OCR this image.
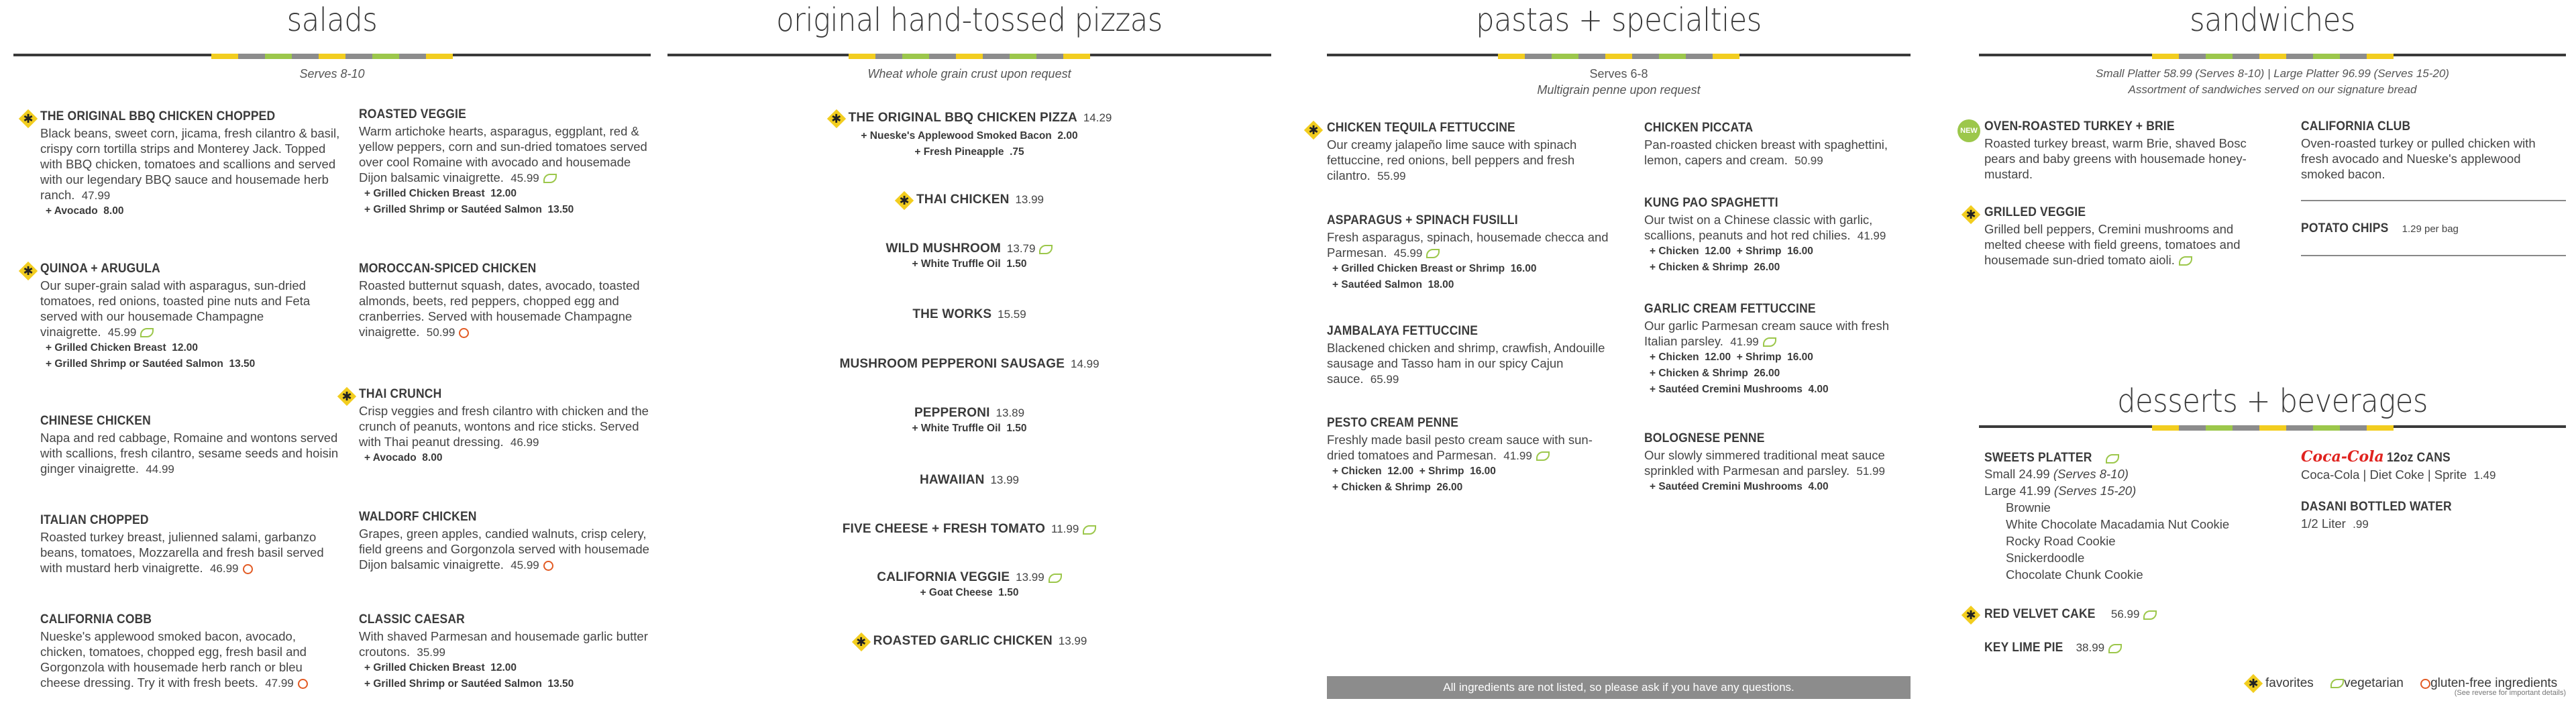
salads
Serves 8-10
✱ THE ORIGINAL BBQ CHICKEN CHOPPED
Black beans, sweet corn, jicama, fresh cilantro & basil, crispy corn tortilla strips and Monterey Jack. Topped with BBQ chicken, tomatoes and scallions and served with our legendary BBQ sauce and housemade herb ranch. 47.99
+ Avocado 8.00
✱ QUINOA + ARUGULA
Our super-grain salad with asparagus, sun-dried tomatoes, red onions, toasted pine nuts and Feta served with our housemade Champagne vinaigrette. 45.99
+ Grilled Chicken Breast 12.00
+ Grilled Shrimp or Sautéed Salmon 13.50
CHINESE CHICKEN
Napa and red cabbage, Romaine and wontons served with scallions, fresh cilantro, sesame seeds and hoisin ginger vinaigrette. 44.99
ITALIAN CHOPPED
Roasted turkey breast, julienned salami, garbanzo beans, tomatoes, Mozzarella and fresh basil served with mustard herb vinaigrette. 46.99
CALIFORNIA COBB
Nueske's applewood smoked bacon, avocado, chicken, tomatoes, chopped egg, fresh basil and Gorgonzola with housemade herb ranch or bleu cheese dressing. Try it with fresh beets. 47.99
ROASTED VEGGIE
Warm artichoke hearts, asparagus, eggplant, red & yellow peppers, corn and sun-dried tomatoes served over cool Romaine with avocado and housemade Dijon balsamic vinaigrette. 45.99
+ Grilled Chicken Breast 12.00
+ Grilled Shrimp or Sautéed Salmon 13.50
MOROCCAN-SPICED CHICKEN
Roasted butternut squash, dates, avocado, toasted almonds, beets, red peppers, chopped egg and cranberries. Served with housemade Champagne vinaigrette. 50.99
✱ THAI CRUNCH
Crisp veggies and fresh cilantro with chicken and the crunch of peanuts, wontons and rice sticks. Served with Thai peanut dressing. 46.99
+ Avocado 8.00
WALDORF CHICKEN
Grapes, green apples, candied walnuts, crisp celery, field greens and Gorgonzola served with housemade Dijon balsamic vinaigrette. 45.99
CLASSIC CAESAR
With shaved Parmesan and housemade garlic butter croutons. 35.99
+ Grilled Chicken Breast 12.00
+ Grilled Shrimp or Sautéed Salmon 13.50
original hand-tossed pizzas
Wheat whole grain crust upon request
✱ THE ORIGINAL BBQ CHICKEN PIZZA 14.29
+ Nueske's Applewood Smoked Bacon 2.00
+ Fresh Pineapple .75
✱ THAI CHICKEN 13.99
WILD MUSHROOM 13.79
+ White Truffle Oil 1.50
THE WORKS 15.59
MUSHROOM PEPPERONI SAUSAGE 14.99
PEPPERONI 13.89
+ White Truffle Oil 1.50
HAWAIIAN 13.99
FIVE CHEESE + FRESH TOMATO 11.99
CALIFORNIA VEGGIE 13.99
+ Goat Cheese 1.50
✱ ROASTED GARLIC CHICKEN 13.99
pastas + specialties
Serves 6-8
Multigrain penne upon request
✱ CHICKEN TEQUILA FETTUCCINE
Our creamy jalapeño lime sauce with spinach fettuccine, red onions, bell peppers and fresh cilantro. 55.99
ASPARAGUS + SPINACH FUSILLI
Fresh asparagus, spinach, housemade checca and Parmesan. 45.99
+ Grilled Chicken Breast or Shrimp 16.00
+ Sautéed Salmon 18.00
JAMBALAYA FETTUCCINE
Blackened chicken and shrimp, crawfish, Andouille sausage and Tasso ham in our spicy Cajun sauce. 65.99
PESTO CREAM PENNE
Freshly made basil pesto cream sauce with sun-dried tomatoes and Parmesan. 41.99
+ Chicken 12.00 + Shrimp 16.00
+ Chicken & Shrimp 26.00
CHICKEN PICCATA
Pan-roasted chicken breast with spaghettini, lemon, capers and cream. 50.99
KUNG PAO SPAGHETTI
Our twist on a Chinese classic with garlic, scallions, peanuts and hot red chilies. 41.99
+ Chicken 12.00 + Shrimp 16.00
+ Chicken & Shrimp 26.00
GARLIC CREAM FETTUCCINE
Our garlic Parmesan cream sauce with fresh Italian parsley. 41.99
+ Chicken 12.00 + Shrimp 16.00
+ Chicken & Shrimp 26.00
+ Sautéed Cremini Mushrooms 4.00
BOLOGNESE PENNE
Our slowly simmered traditional meat sauce sprinkled with Parmesan and parsley. 51.99
+ Sautéed Cremini Mushrooms 4.00
All ingredients are not listed, so please ask if you have any questions.
sandwiches
Small Platter 58.99 (Serves 8-10) | Large Platter 96.99 (Serves 15-20)
Assortment of sandwiches served on our signature bread
NEW OVEN-ROASTED TURKEY + BRIE
Roasted turkey breast, warm Brie, shaved Bosc pears and baby greens with housemade honey-mustard.
✱ GRILLED VEGGIE
Grilled bell peppers, Cremini mushrooms and melted cheese with field greens, tomatoes and housemade sun-dried tomato aioli.
CALIFORNIA CLUB
Oven-roasted turkey or pulled chicken with fresh avocado and Nueske's applewood smoked bacon.
POTATO CHIPS 1.29 per bag
desserts + beverages
SWEETS PLATTER
Small 24.99 (Serves 8-10)
Large 41.99 (Serves 15-20)
Brownie
White Chocolate Macadamia Nut Cookie
Rocky Road Cookie
Snickerdoodle
Chocolate Chunk Cookie
✱ RED VELVET CAKE 56.99
KEY LIME PIE 38.99
Coca-Cola 12oz CANS
Coca-Cola | Diet Coke | Sprite 1.49
DASANI BOTTLED WATER
1/2 Liter .99
✱ favorites vegetarian gluten-free ingredients
(See reverse for important details)
